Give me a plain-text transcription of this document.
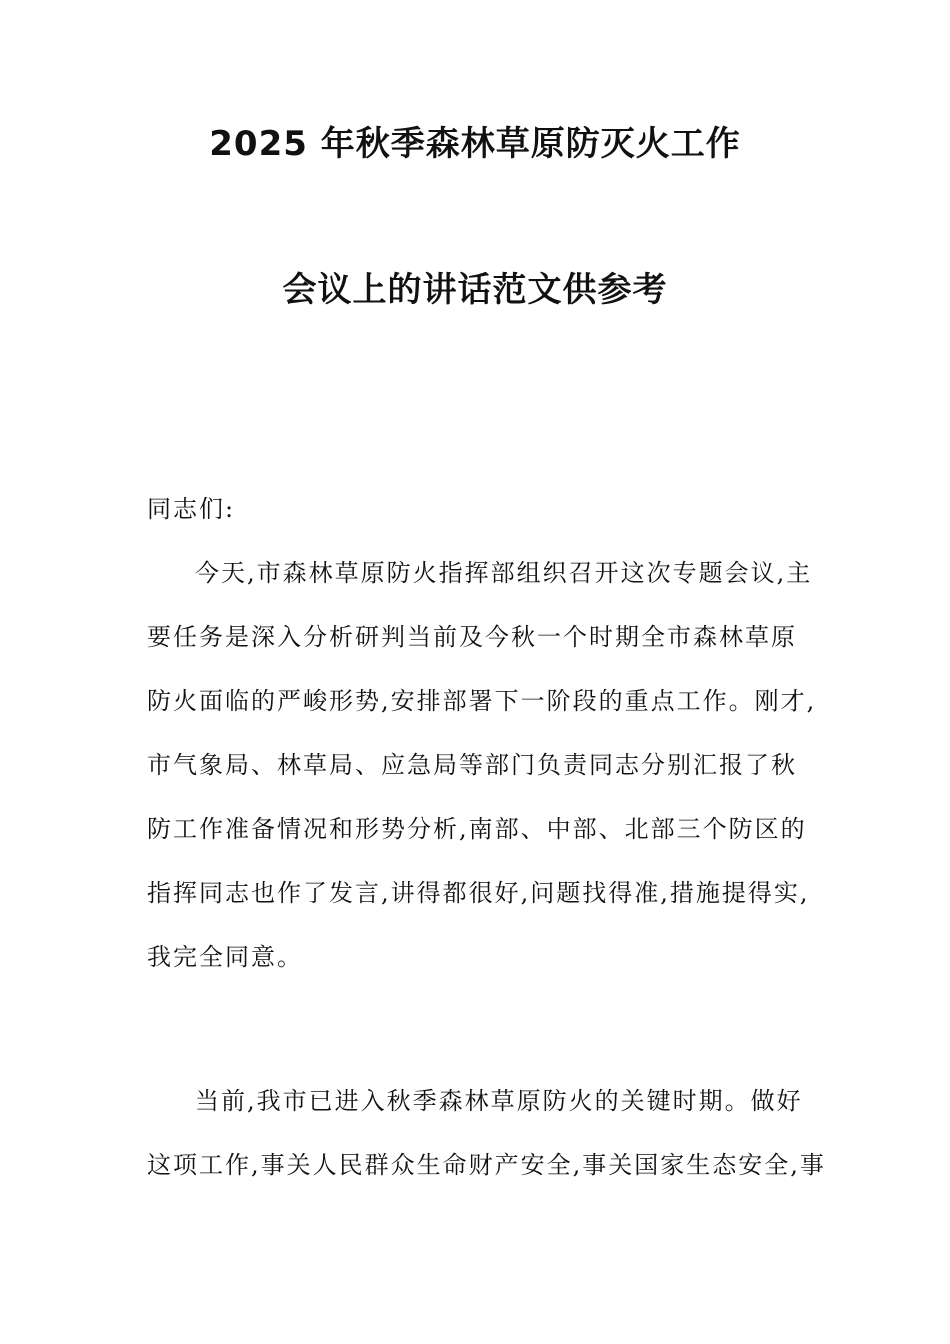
2025 年秋季森林草原防灭火工作
会议上的讲话范文供参考
同志们:
今天,市森林草原防火指挥部组织召开这次专题会议,主
要任务是深入分析研判当前及今秋一个时期全市森林草原
防火面临的严峻形势,安排部署下一阶段的重点工作。刚才,
市气象局、林草局、应急局等部门负责同志分别汇报了秋
防工作准备情况和形势分析,南部、中部、北部三个防区的
指挥同志也作了发言,讲得都很好,问题找得准,措施提得实,
我完全同意。
当前,我市已进入秋季森林草原防火的关键时期。做好
这项工作,事关人民群众生命财产安全,事关国家生态安全,事
